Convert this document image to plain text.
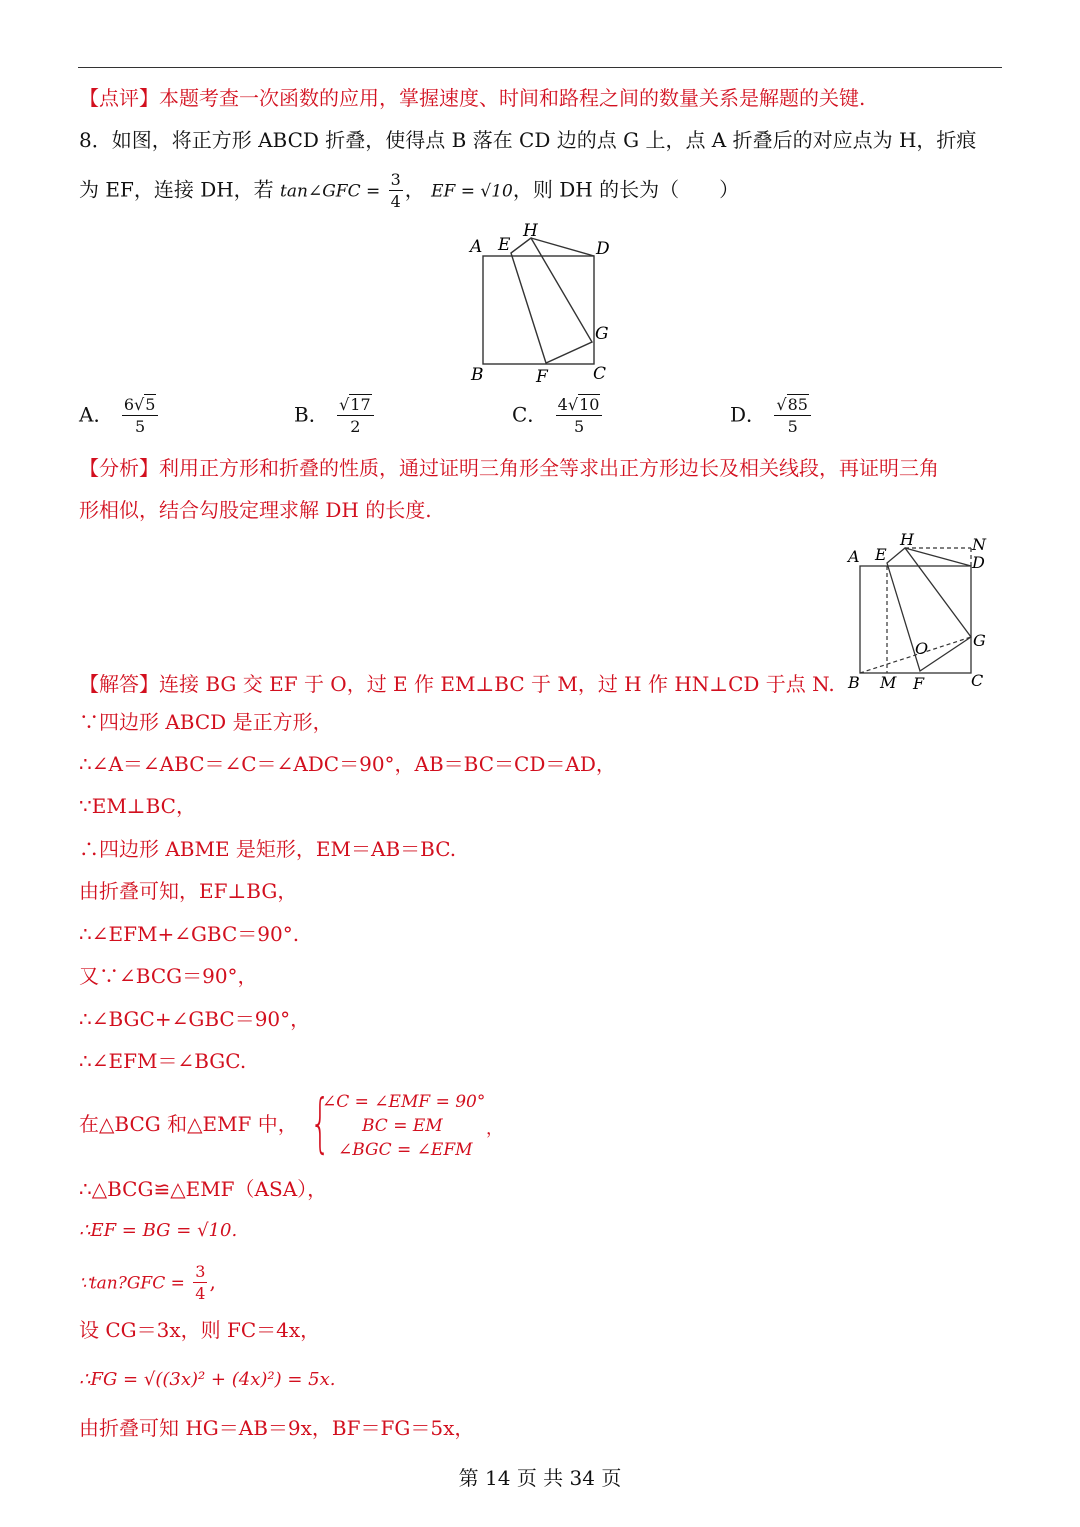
【点评】本题考查一次函数的应用，掌握速度、时间和路程之间的数量关系是解题的关键.
8．如图，将正方形 ABCD 折叠，使得点 B 落在 CD 边的点 G 上，点 A 折叠后的对应点为 H，折痕
为 EF，连接 DH，若 tan∠GFC = $\frac{3}{4}$ ， EF = √10，则 DH 的长为（　　）
A E
H
D
G
B	F	C
A． $\frac{6√5}{5}$	B． $\frac{√17}{2}$	C． $\frac{4√10}{5}$	D． $\frac{√85}{5}$
【分析】利用正方形和折叠的性质，通过证明三角形全等求出正方形边长及相关线段，再证明三角
形相似，结合勾股定理求解 DH 的长度.
A E
H	N
D
G
O
B M F	C
【解答】连接 BG 交 EF 于 O，过 E 作 EM⊥BC 于 M，过 H 作 HN⊥CD 于点 N.
∵四边形 ABCD 是正方形，
∴∠A＝∠ABC＝∠C＝∠ADC＝90°，AB＝BC＝CD＝AD，
∵EM⊥BC，
∴四边形 ABME 是矩形，EM＝AB＝BC.
由折叠可知，EF⊥BG，
∴∠EFM+∠GBC＝90°.
又∵∠BCG＝90°，
∴∠BGC+∠GBC＝90°，
∴∠EFM＝∠BGC.
在△BCG 和△EMF 中， {
∠C = ∠EMF = 90°
BC = EM
∠BGC = ∠EFM
，
∴△BCG≌△EMF（ASA），
∴EF = BG = √10.
∵tan?GFC = $\frac{3}{4}$ ,
设 CG＝3x，则 FC＝4x，
∴FG = √((3x)² + (4x)²) = 5x.
由折叠可知 HG＝AB＝9x，BF＝FG＝5x，
第 14 页 共 34 页
